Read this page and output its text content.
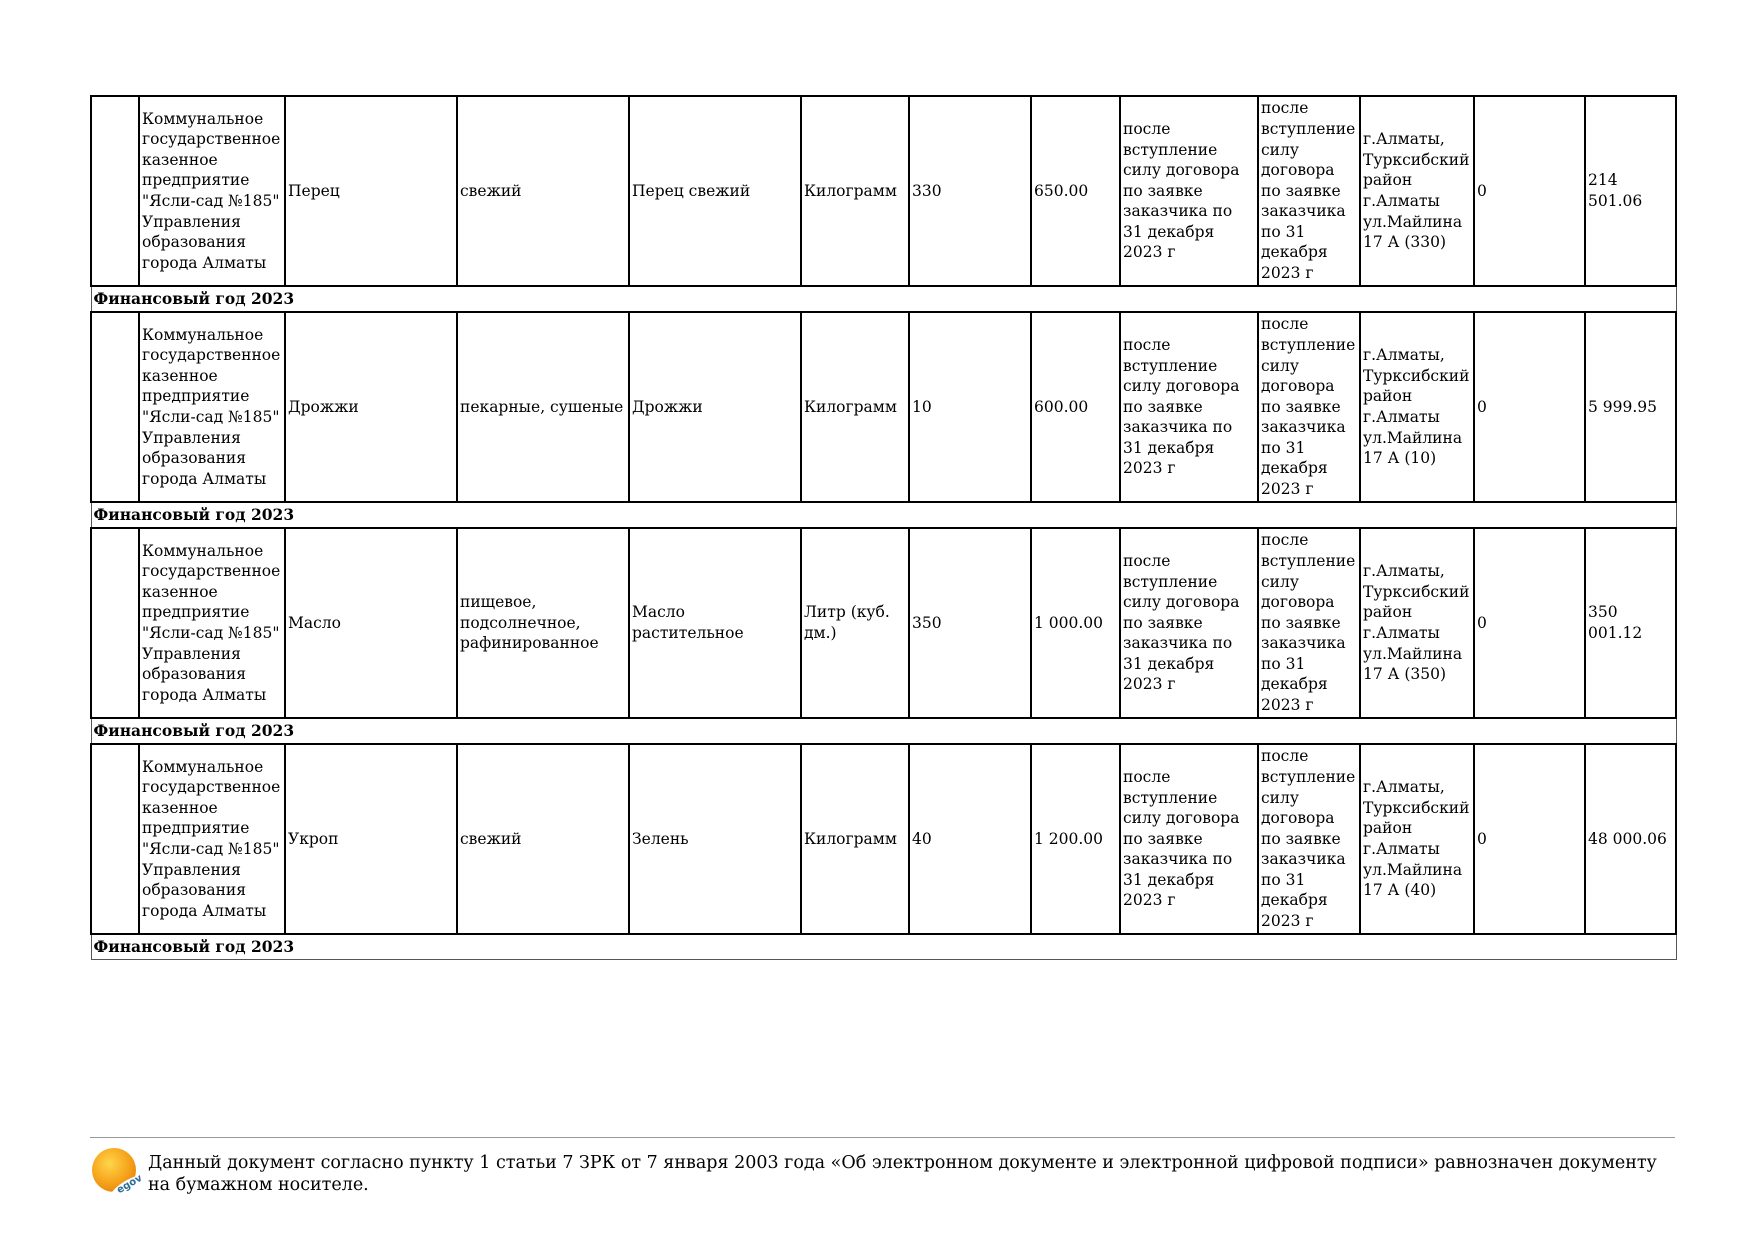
	Коммунальное государственное казенное предприятие "Ясли-сад №185" Управления образования города Алматы	Перец	свежий	Перец свежий	Килограмм	330	650.00	после вступление силу договора по заявке заказчика по 31 декабря 2023 г	после вступление силу договора по заявке заказчика по 31 декабря 2023 г	г.Алматы, Турксибский район г.Алматы ул.Майлина 17 А (330)	0	214 501.06
Финансовый год 2023												
	Коммунальное государственное казенное предприятие "Ясли-сад №185" Управления образования города Алматы	Дрожжи	пекарные, сушеные	Дрожжи	Килограмм	10	600.00	после вступление силу договора по заявке заказчика по 31 декабря 2023 г	после вступление силу договора по заявке заказчика по 31 декабря 2023 г	г.Алматы, Турксибский район г.Алматы ул.Майлина 17 А (10)	0	5 999.95
Финансовый год 2023												
	Коммунальное государственное казенное предприятие "Ясли-сад №185" Управления образования города Алматы	Масло	пищевое, подсолнечное, рафинированное	Масло растительное	Литр (куб. дм.)	350	1 000.00	после вступление силу договора по заявке заказчика по 31 декабря 2023 г	после вступление силу договора по заявке заказчика по 31 декабря 2023 г	г.Алматы, Турксибский район г.Алматы ул.Майлина 17 А (350)	0	350 001.12
Финансовый год 2023												
	Коммунальное государственное казенное предприятие "Ясли-сад №185" Управления образования города Алматы	Укроп	свежий	Зелень	Килограмм	40	1 200.00	после вступление силу договора по заявке заказчика по 31 декабря 2023 г	после вступление силу договора по заявке заказчика по 31 декабря 2023 г	г.Алматы, Турксибский район г.Алматы ул.Майлина 17 А (40)	0	48 000.06
Финансовый год 2023												
egov
Данный документ согласно пункту 1 статьи 7 ЗРК от 7 января 2003 года «Об электронном документе и электронной цифровой подписи» равнозначен документу на бумажном носителе.
